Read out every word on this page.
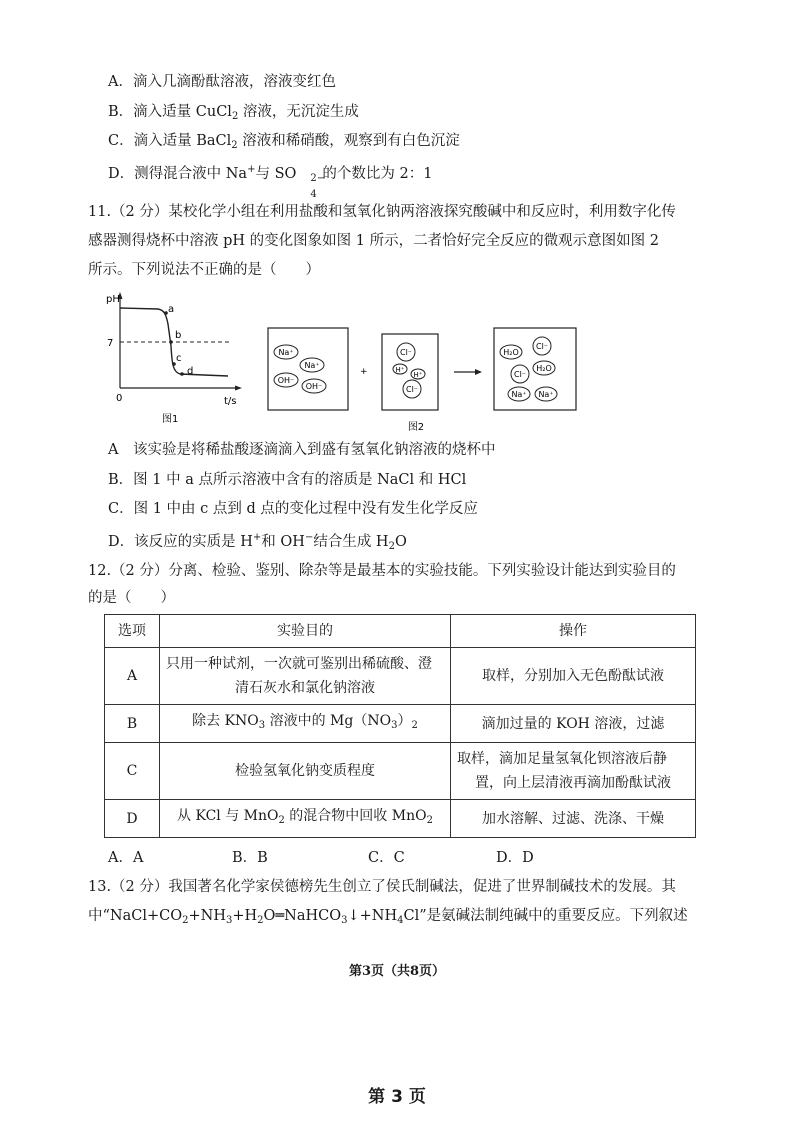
A．滴入几滴酚酞溶液，溶液变红色
B．滴入适量 CuCl$_2$ 溶液，无沉淀生成
C．滴入适量 BaCl$_2$ 溶液和稀硝酸，观察到有白色沉淀
D．测得混合液中 Na+与 SO 2−
4
的个数比为 2：1
11.（2 分）某校化学小组在利用盐酸和氢氧化钠两溶液探究酸碱中和反应时，利用数字化传
感器测得烧杯中溶液 pH 的变化图象如图 1 所示，二者恰好完全反应的微观示意图如图 2
所示。下列说法不正确的是（　　）
pH
7
0	t/s
a
b
c
d
图1
Na⁺
Na⁺
OH⁻
OH⁻
+
Cl⁻
H⁺
H⁺
Cl⁻
H₂O
Cl⁻
Cl⁻
H₂O
Na⁺ Na⁺
图2
A　该实验是将稀盐酸逐滴滴入到盛有氢氧化钠溶液的烧杯中
B．图 1 中 a 点所示溶液中含有的溶质是 NaCl 和 HCl
C．图 1 中由 c 点到 d 点的变化过程中没有发生化学反应
D．该反应的实质是 H+和 OH−结合生成 $H_2O$
12.（2 分）分离、检验、鉴别、除杂等是最基本的实验技能。下列实验设计能达到实验目的
的是（　　）
选项	实验目的	操作
A	只用一种试剂，一次就可鉴别出稀硫酸、澄
清石灰水和氯化钠溶液	取样，分别加入无色酚酞试液
B	除去 $KNO_3$ 溶液中的 $Mg(NO_3)_2$	滴加过量的 KOH 溶液，过滤
C	检验氢氧化钠变质程度	取样，滴加足量氢氧化钡溶液后静
置，向上层清液再滴加酚酞试液

D	从 KCl 与 MnO$_2$ 的混合物中回收 MnO$_2$	加水溶解、过滤、洗涤、干燥
A．A	B．B	C．C	D．D
13.（2 分）我国著名化学家侯德榜先生创立了侯氏制碱法，促进了世界制碱技术的发展。其
中“$NaCl+CO_2+NH_3+H_2O═NaHCO_3↓+NH_4Cl$”是氨碱法制纯碱中的重要反应。下列叙述
第3页（共8页）
第 3 页
